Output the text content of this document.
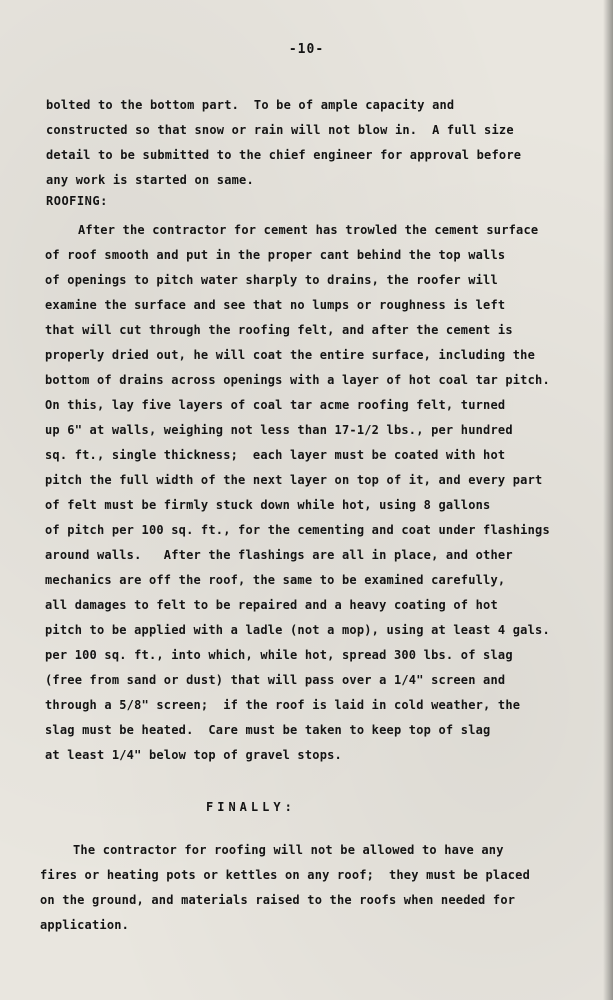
-10-
bolted to the bottom part.  To be of ample capacity and
constructed so that snow or rain will not blow in.  A full size
detail to be submitted to the chief engineer for approval before
any work is started on same.
ROOFING:
After the contractor for cement has trowled the cement surface
of roof smooth and put in the proper cant behind the top walls
of openings to pitch water sharply to drains, the roofer will
examine the surface and see that no lumps or roughness is left
that will cut through the roofing felt, and after the cement is
properly dried out, he will coat the entire surface, including the
bottom of drains across openings with a layer of hot coal tar pitch.
On this, lay five layers of coal tar acme roofing felt, turned
up 6" at walls, weighing not less than 17-1/2 lbs., per hundred
sq. ft., single thickness;  each layer must be coated with hot
pitch the full width of the next layer on top of it, and every part
of felt must be firmly stuck down while hot, using 8 gallons
of pitch per 100 sq. ft., for the cementing and coat under flashings
around walls.   After the flashings are all in place, and other
mechanics are off the roof, the same to be examined carefully,
all damages to felt to be repaired and a heavy coating of hot
pitch to be applied with a ladle (not a mop), using at least 4 gals.
per 100 sq. ft., into which, while hot, spread 300 lbs. of slag
(free from sand or dust) that will pass over a 1/4" screen and
through a 5/8" screen;  if the roof is laid in cold weather, the
slag must be heated.  Care must be taken to keep top of slag
at least 1/4" below top of gravel stops.
FINALLY:
The contractor for roofing will not be allowed to have any
fires or heating pots or kettles on any roof;  they must be placed
on the ground, and materials raised to the roofs when needed for
application.
